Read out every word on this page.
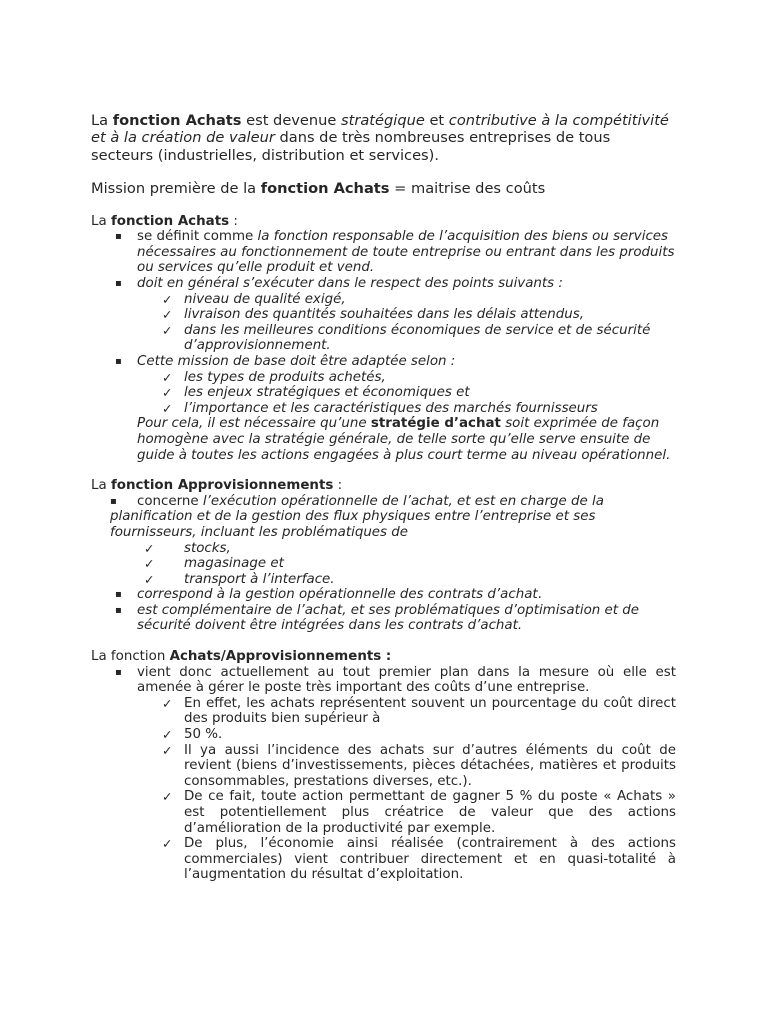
La fonction Achats est devenue stratégique et contributive à la compétitivité et à la création de valeur dans de très nombreuses entreprises de tous secteurs (industrielles, distribution et services).

Mission première de la fonction Achats = maitrise des coûts

La fonction Achats :

▪ se définit comme la fonction responsable de l’acquisition des biens ou services nécessaires au fonctionnement de toute entreprise ou entrant dans les produits ou services qu’elle produit et vend.
▪ doit en général s’exécuter dans le respect des points suivants :
✓ niveau de qualité exigé,
✓ livraison des quantités souhaitées dans les délais attendus,
✓ dans les meilleures conditions économiques de service et de sécurité d’approvisionnement.
▪ Cette mission de base doit être adaptée selon :
✓ les types de produits achetés,
✓ les enjeux stratégiques et économiques et
✓ l’importance et les caractéristiques des marchés fournisseurs

Pour cela, il est nécessaire qu’une stratégie d’achat soit exprimée de façon homogène avec la stratégie générale, de telle sorte qu’elle serve ensuite de guide à toutes les actions engagées à plus court terme au niveau opérationnel.

La fonction Approvisionnements :

▪ concerne l’exécution opérationnelle de l’achat, et est en charge de la planification et de la gestion des flux physiques entre l’entreprise et ses fournisseurs, incluant les problématiques de
✓ stocks,
✓ magasinage et
✓ transport à l’interface.
▪ correspond à la gestion opérationnelle des contrats d’achat.
▪ est complémentaire de l’achat, et ses problématiques d’optimisation et de sécurité doivent être intégrées dans les contrats d’achat.

La fonction Achats/Approvisionnements :

▪ vient donc actuellement au tout premier plan dans la mesure où elle est amenée à gérer le poste très important des coûts d’une entreprise.
✓ En effet, les achats représentent souvent un pourcentage du coût direct des produits bien supérieur à
✓ 50 %.
✓ Il ya aussi l’incidence des achats sur d’autres éléments du coût de revient (biens d’investissements, pièces détachées, matières et produits consommables, prestations diverses, etc.).
✓ De ce fait, toute action permettant de gagner 5 % du poste « Achats » est potentiellement plus créatrice de valeur que des actions d’amélioration de la productivité par exemple.
✓ De plus, l’économie ainsi réalisée (contrairement à des actions commerciales) vient contribuer directement et en quasi-totalité à l’augmentation du résultat d’exploitation.
